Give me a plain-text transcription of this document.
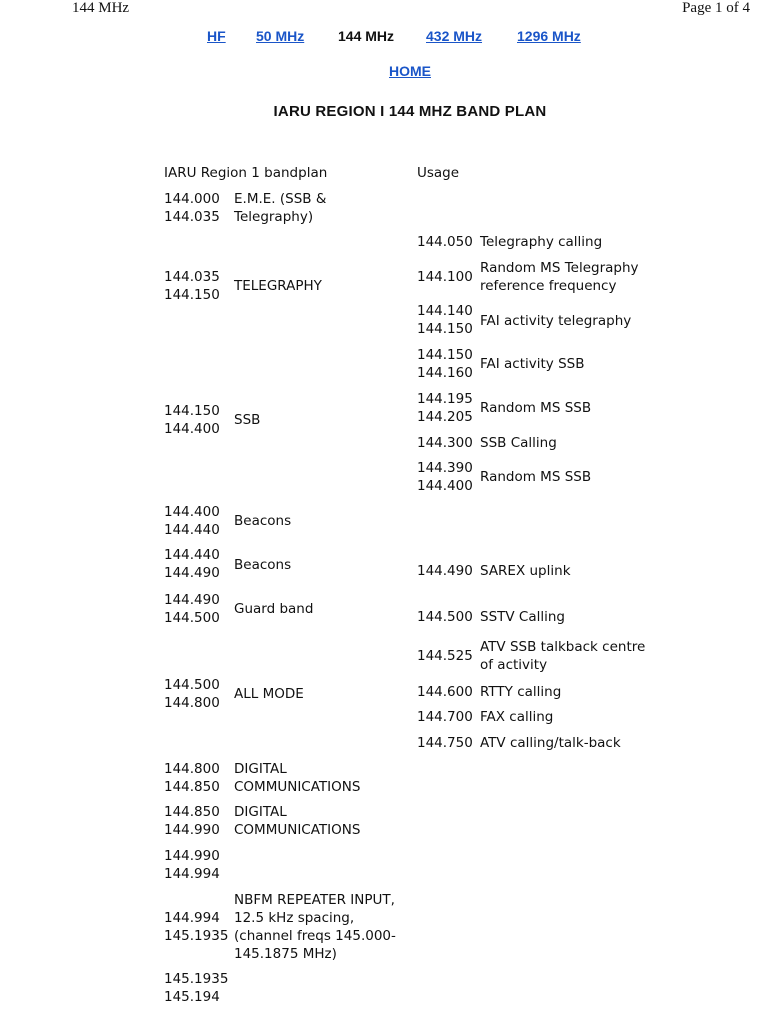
144 MHz	Page 1 of 4
HF 50 MHz 144 MHz 432 MHz 1296 MHz
HOME
IARU REGION I 144 MHZ BAND PLAN
IARU Region 1 bandplan	Usage
144.000
144.035
E.M.E. (SSB &
Telegraphy)
144.035
144.150
TELEGRAPHY
144.150
144.400
SSB
144.400
144.440
Beacons
144.440
144.490 Beacons
144.490
144.500
Guard band
144.500
144.800
ALL MODE
144.800
144.850
DIGITAL
COMMUNICATIONS
144.850
144.990
DIGITAL
COMMUNICATIONS
144.990
144.994
144.994
145.1935
NBFM REPEATER INPUT,
12.5 kHz spacing,
(channel freqs 145.000-
145.1875 MHz)
145.1935
145.194
144.050 Telegraphy calling
144.100
Random MS Telegraphy
reference frequency
144.140
144.150 FAI activity telegraphy
144.150
144.160
FAI activity SSB
144.195
144.205
Random MS SSB
144.300 SSB Calling
144.390
144.400
Random MS SSB
144.490 SAREX uplink
144.500 SSTV Calling
144.525
ATV SSB talkback centre
of activity
144.600 RTTY calling
144.700 FAX calling
144.750 ATV calling/talk-back
